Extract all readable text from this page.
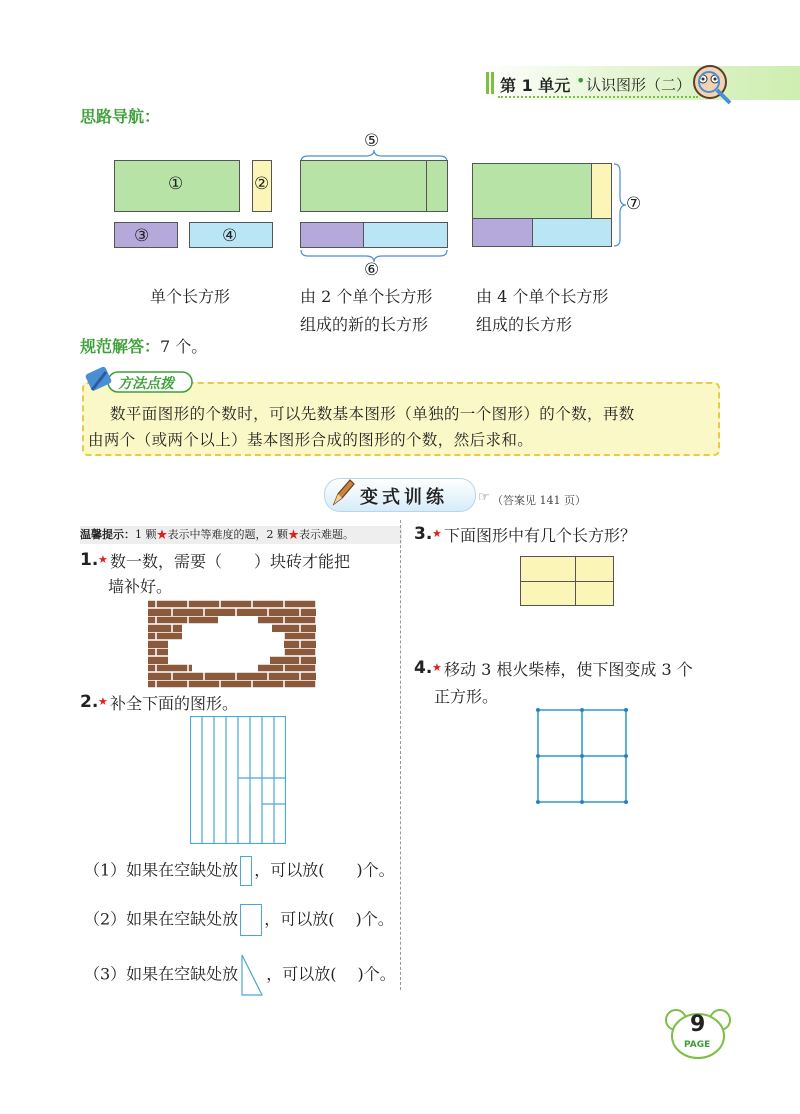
第 1 单元 • 认识图形（二）
思路导航：
①	②
③	④
⑤
⑥
⑦
单个长方形	由 2 个单个长方形
组成的新的长方形
由 4 个单个长方形
组成的长方形
规范解答：7 个。
方法点拨
数平面图形的个数时，可以先数基本图形（单独的一个图形）的个数，再数
由两个（或两个以上）基本图形合成的图形的个数，然后求和。
变式训练 ☞ （答案见 141 页）
温馨提示：1 颗★表示中等难度的题，2 颗★表示难题。
1. ★ 数一数，需要（　　）块砖才能把
墙补好。
2. ★ 补全下面的图形。
（1）如果在空缺处放 ，可以放(　　)个。
（2）如果在空缺处放 ，可以放(　 )个。
（3）如果在空缺处放 ，可以放(　 )个。
3. ★ 下面图形中有几个长方形？
4. ★ 移动 3 根火柴棒，使下图变成 3 个
正方形。
9
PAGE
